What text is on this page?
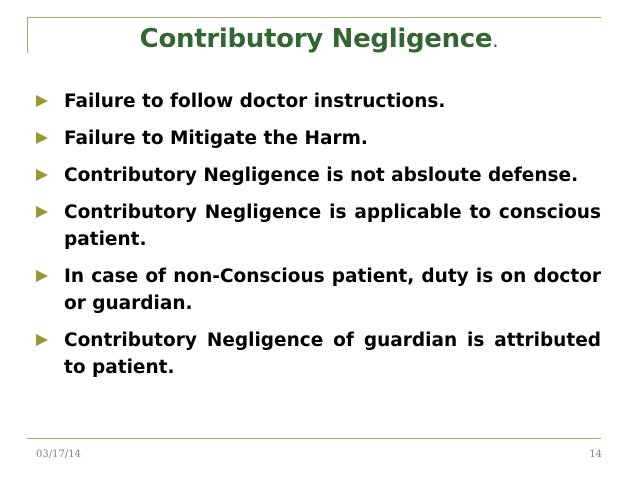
Contributory Negligence.
Failure to follow doctor instructions.
Failure to Mitigate the Harm.
Contributory Negligence is not absloute defense.
Contributory Negligence is applicable to conscious patient.
In case of non-Conscious patient, duty is on doctor or guardian.
Contributory Negligence of guardian is attributed to patient.
03/17/14	14
